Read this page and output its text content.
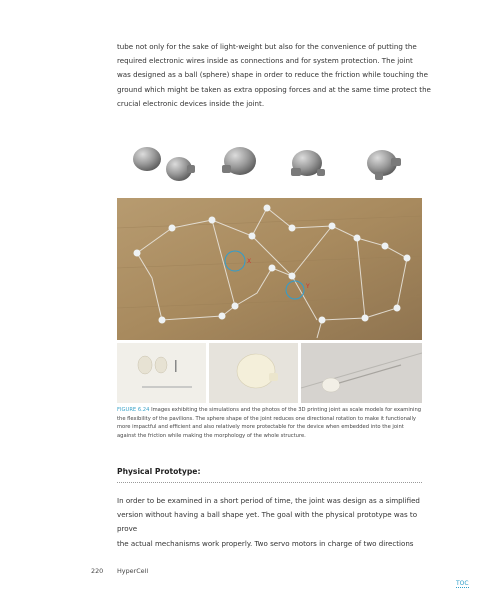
tube not only for the sake of light-weight but also for the convenience of putting the
required electronic wires inside as connections and for system protection. The joint
was designed as a ball (sphere) shape in order to reduce the friction while touching the
ground which might be taken as extra opposing forces and at the same time protect the
crucial electronic devices inside the joint.

X
Y

FIGURE 6.24 Images exhibiting the simulations and the photos of the 3D printing joint as scale models for examining the flexibility of the pavilions. The sphere shape of the joint reduces one directional rotation to make it functionally more impactful and efficient and also relatively more protectable for the device when embedded into the joint against the friction while making the morphology of the whole structure.

Physical Prototype:

In order to be examined in a short period of time, the joint was design as a simplified
version without having a ball shape yet. The goal with the physical prototype was to prove
the actual mechanisms work properly. Two servo motors in charge of two directions

220 HyperCell
TOC
